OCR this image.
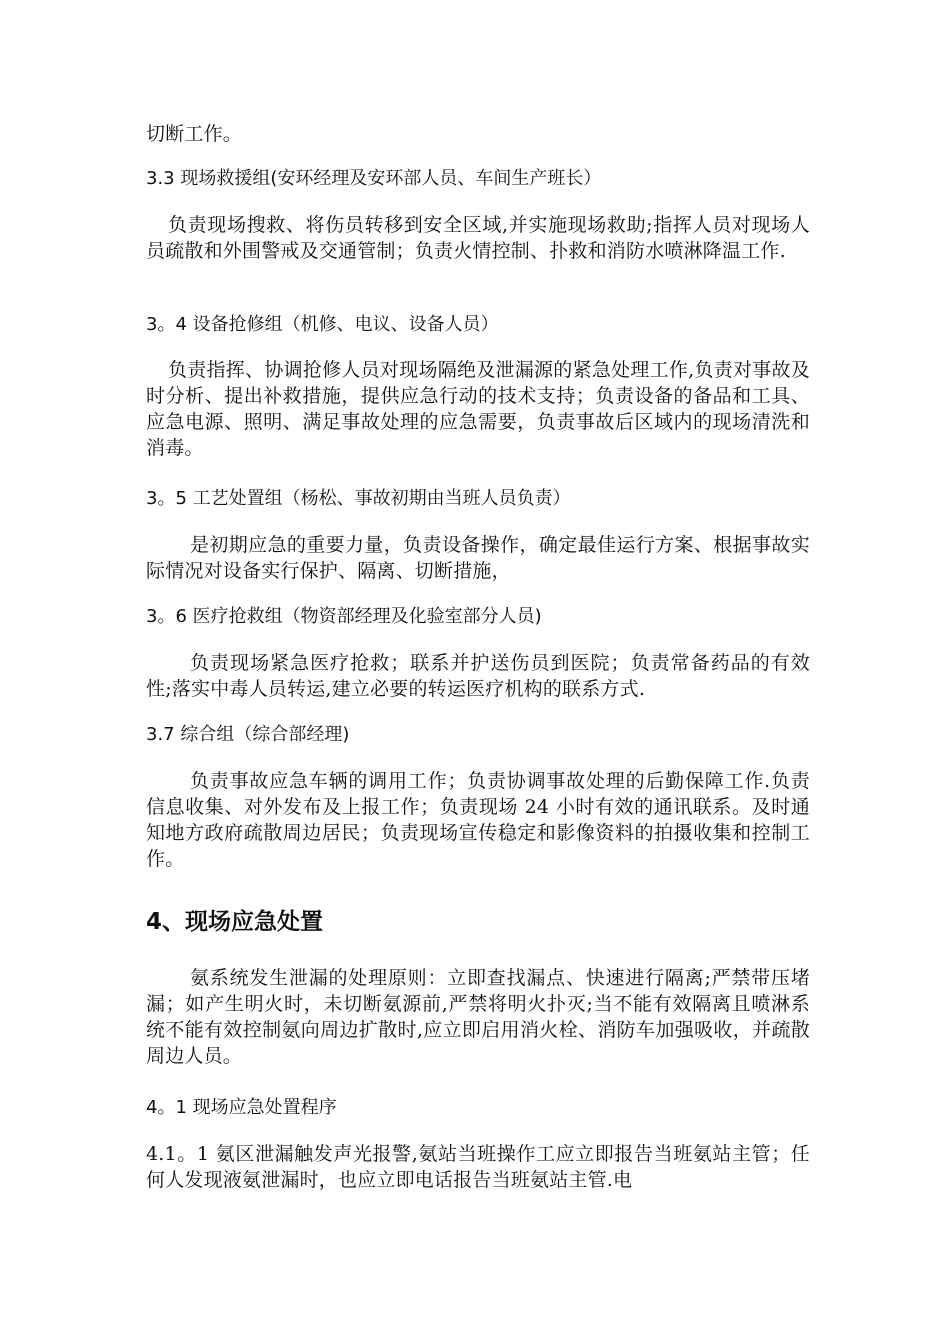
切断工作。

3.3 现场救援组(安环经理及安环部人员、车间生产班长）

负责现场搜救、将伤员转移到安全区域,并实施现场救助;指挥人员对现场人员疏散和外围警戒及交通管制；负责火情控制、扑救和消防水喷淋降温工作.

3。4 设备抢修组（机修、电议、设备人员）

负责指挥、协调抢修人员对现场隔绝及泄漏源的紧急处理工作,负责对事故及时分析、提出补救措施，提供应急行动的技术支持；负责设备的备品和工具、应急电源、照明、满足事故处理的应急需要，负责事故后区域内的现场清洗和消毒。

3。5 工艺处置组（杨松、事故初期由当班人员负责）

是初期应急的重要力量，负责设备操作，确定最佳运行方案、根据事故实际情况对设备实行保护、隔离、切断措施，

3。6 医疗抢救组（物资部经理及化验室部分人员)

负责现场紧急医疗抢救；联系并护送伤员到医院；负责常备药品的有效性;落实中毒人员转运,建立必要的转运医疗机构的联系方式.

3.7 综合组（综合部经理)

负责事故应急车辆的调用工作；负责协调事故处理的后勤保障工作.负责信息收集、对外发布及上报工作；负责现场 24 小时有效的通讯联系。及时通知地方政府疏散周边居民；负责现场宣传稳定和影像资料的拍摄收集和控制工作。

4、现场应急处置

氨系统发生泄漏的处理原则：立即查找漏点、快速进行隔离;严禁带压堵漏；如产生明火时，未切断氨源前,严禁将明火扑灭;当不能有效隔离且喷淋系统不能有效控制氨向周边扩散时,应立即启用消火栓、消防车加强吸收，并疏散周边人员。

4。1 现场应急处置程序

4.1。1 氨区泄漏触发声光报警,氨站当班操作工应立即报告当班氨站主管；任何人发现液氨泄漏时，也应立即电话报告当班氨站主管.电
